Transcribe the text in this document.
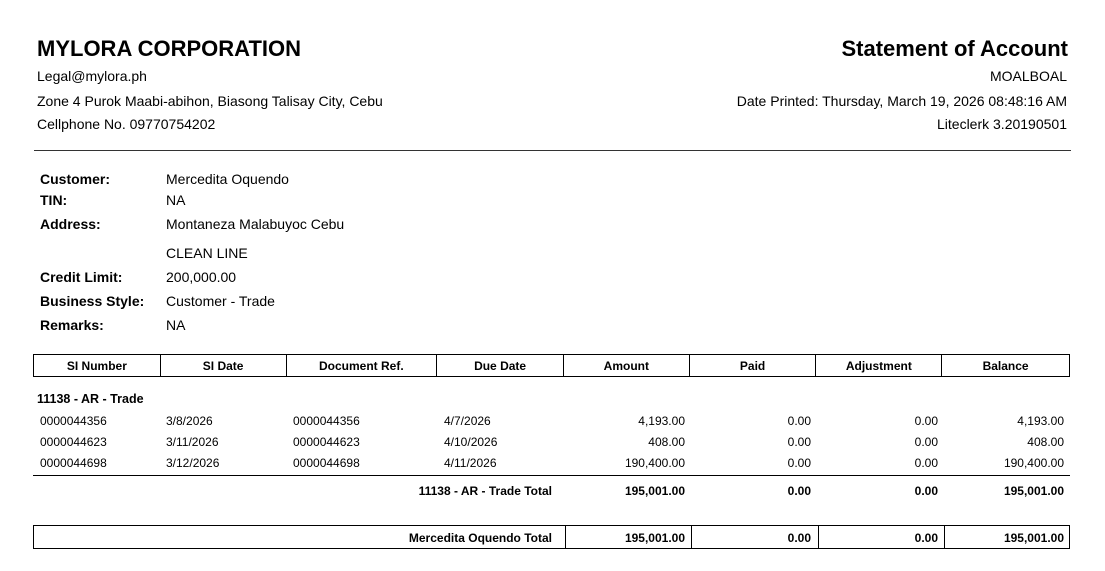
MYLORA CORPORATION
Legal@mylora.ph
Zone 4 Purok Maabi-abihon, Biasong Talisay City, Cebu
Cellphone No. 09770754202
Statement of Account
MOALBOAL
Date Printed: Thursday, March 19, 2026 08:48:16 AM
Liteclerk 3.20190501
Customer:	Mercedita Oquendo
TIN:	NA
Address:	Montaneza Malabuyoc Cebu
CLEAN LINE
Credit Limit:	200,000.00
Business Style: Customer - Trade
Remarks:	NA
SI Number	SI Date	Document Ref.	Due Date	Amount	Paid	Adjustment	Balance
11138 - AR - Trade
0000044356	3/8/2026	0000044356	4/7/2026	4,193.00	0.00	0.00	4,193.00
0000044623	3/11/2026	0000044623	4/10/2026	408.00	0.00	0.00	408.00
0000044698	3/12/2026	0000044698	4/11/2026	190,400.00	0.00	0.00	190,400.00
11138 - AR - Trade Total	195,001.00	0.00	0.00	195,001.00
Mercedita Oquendo Total	195,001.00	0.00	0.00	195,001.00
